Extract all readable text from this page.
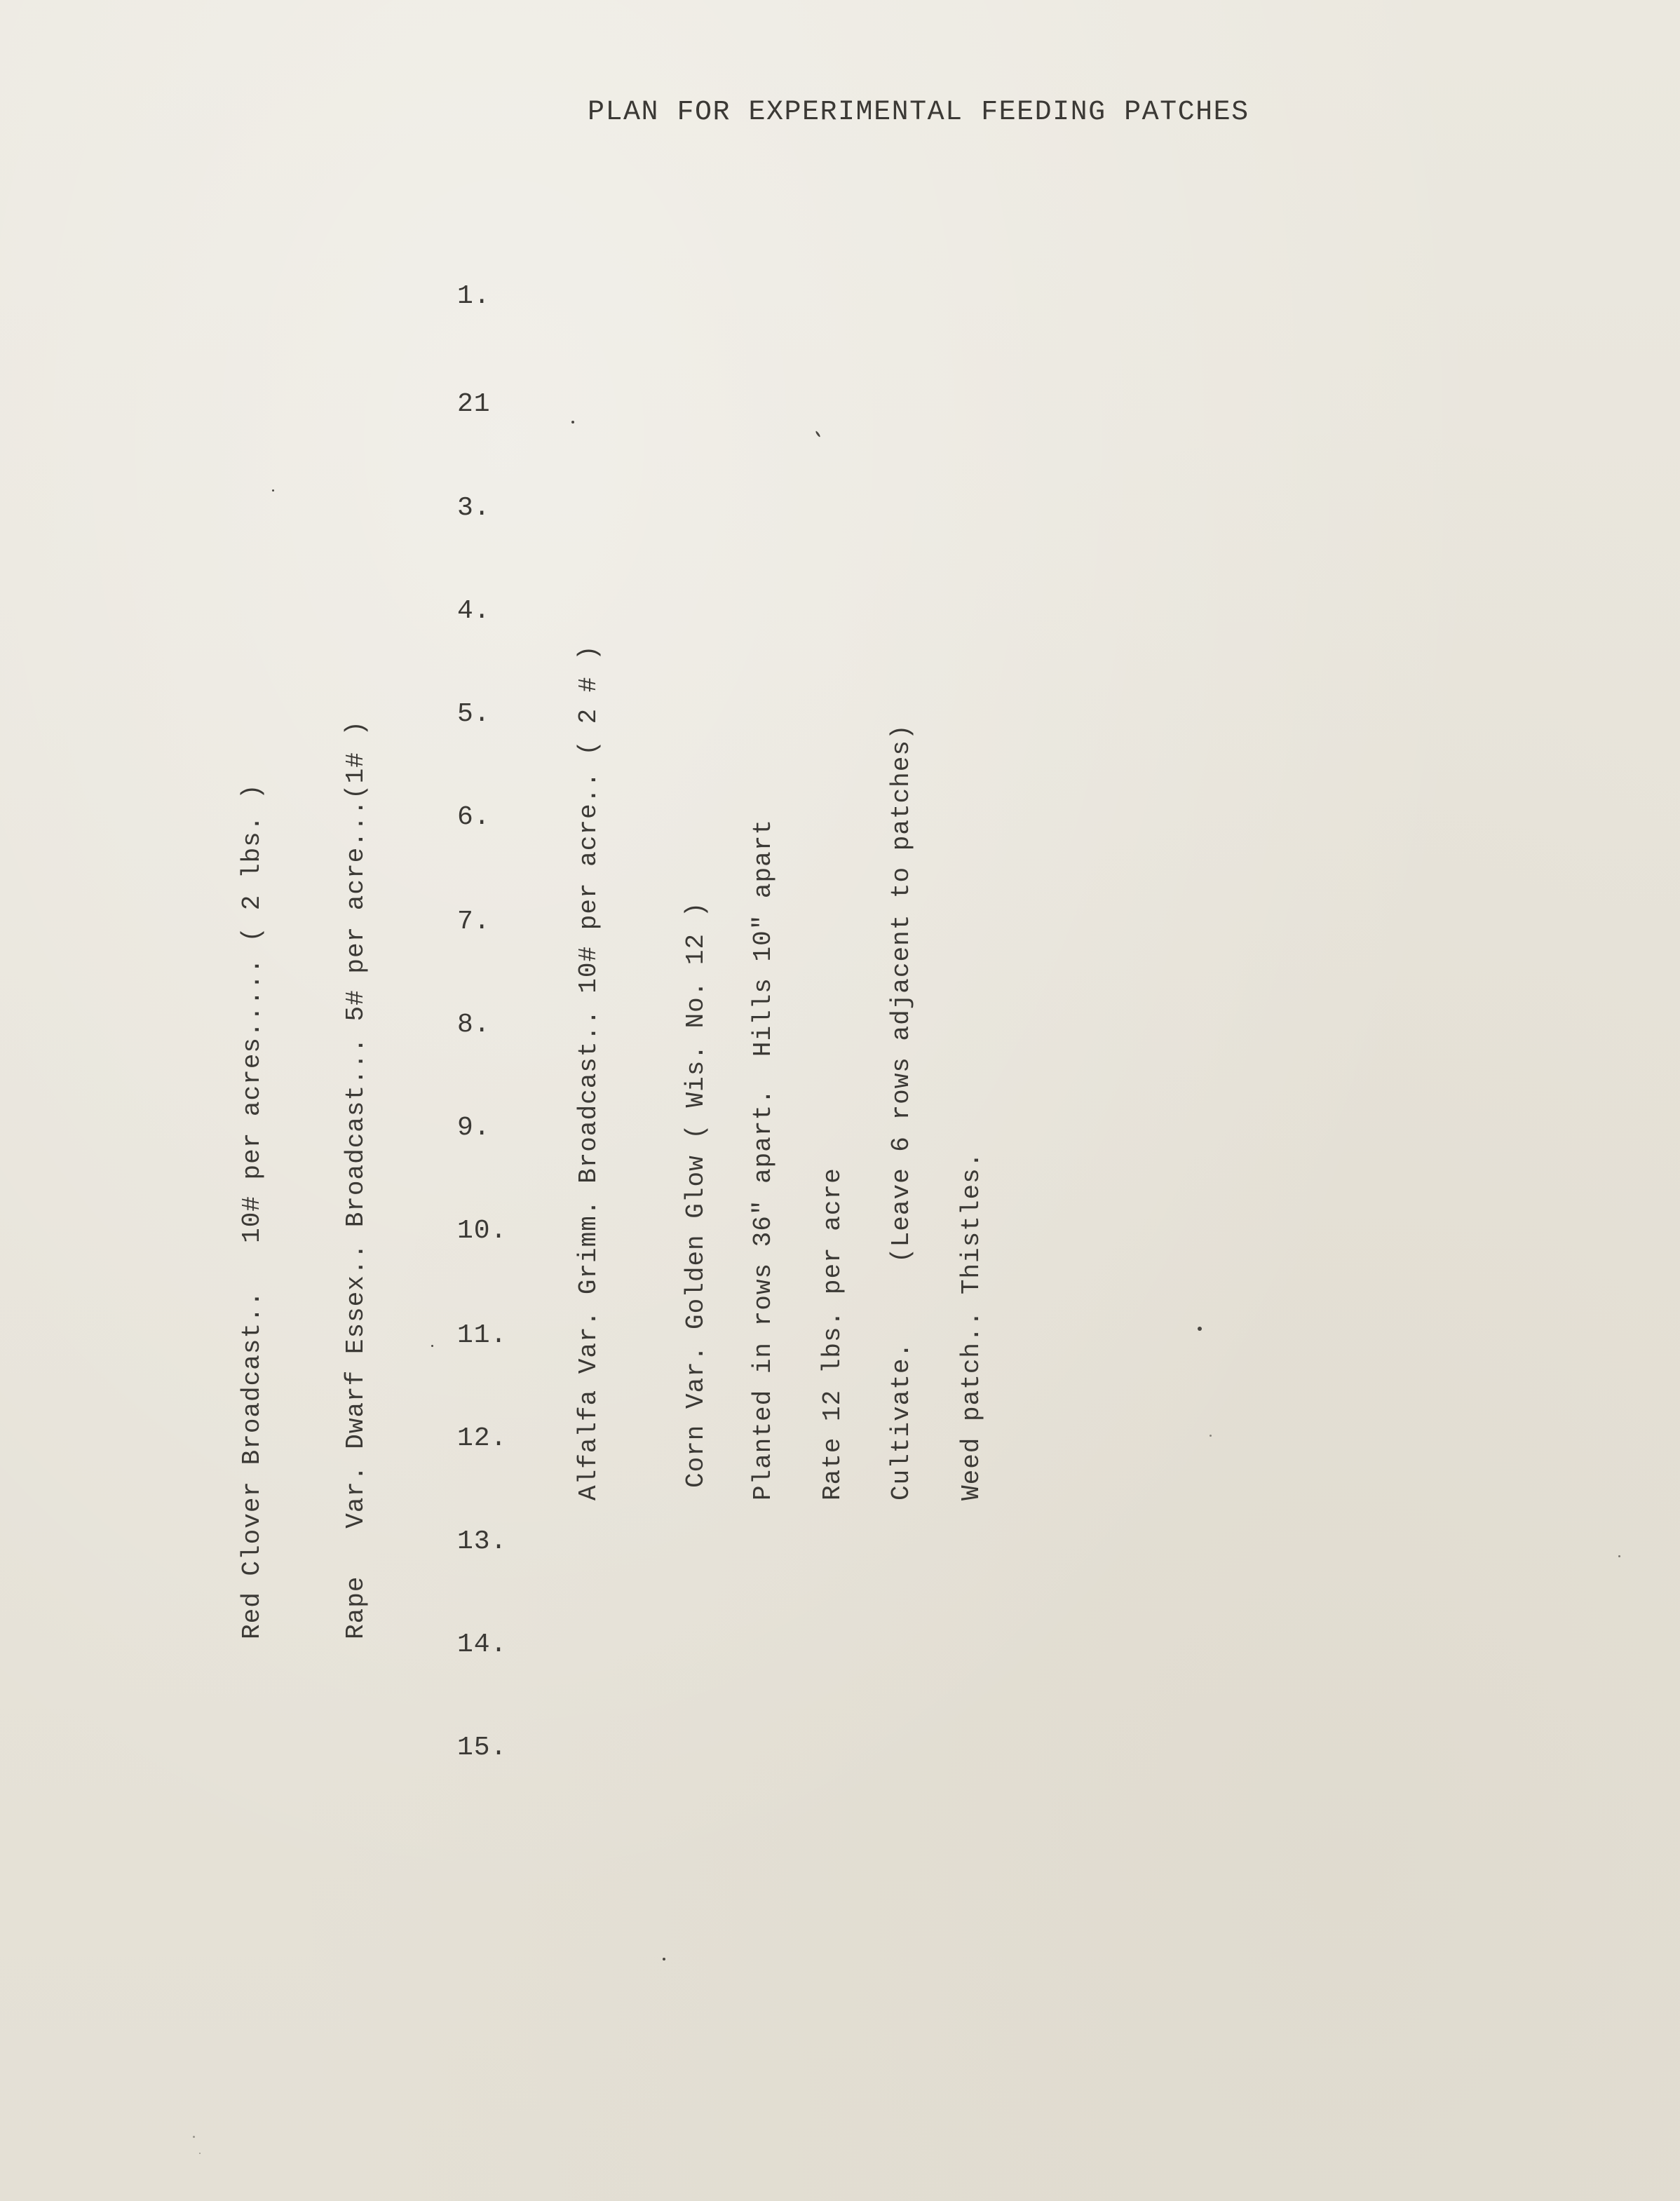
PLAN FOR EXPERIMENTAL FEEDING PATCHES
1.
21
3.
4.
5.
6.
7.
8.
9.
10.
11.
12.
13.
14.
15.
Red Clover Broadcast..   10# per acres..... ( 2 lbs. )	Rape   Var. Dwarf Essex.. Broadcast... 5# per acre...(1# )	Alfalfa Var. Grimm. Broadcast.. 10# per acre.. ( 2 # )	Corn Var. Golden Glow ( Wis. No. 12 ) Planted in rows 36" apart.  Hills 10" apart Rate 12 lbs. per acre Cultivate.     (Leave 6 rows adjacent to patches) Weed patch.. Thistles.
